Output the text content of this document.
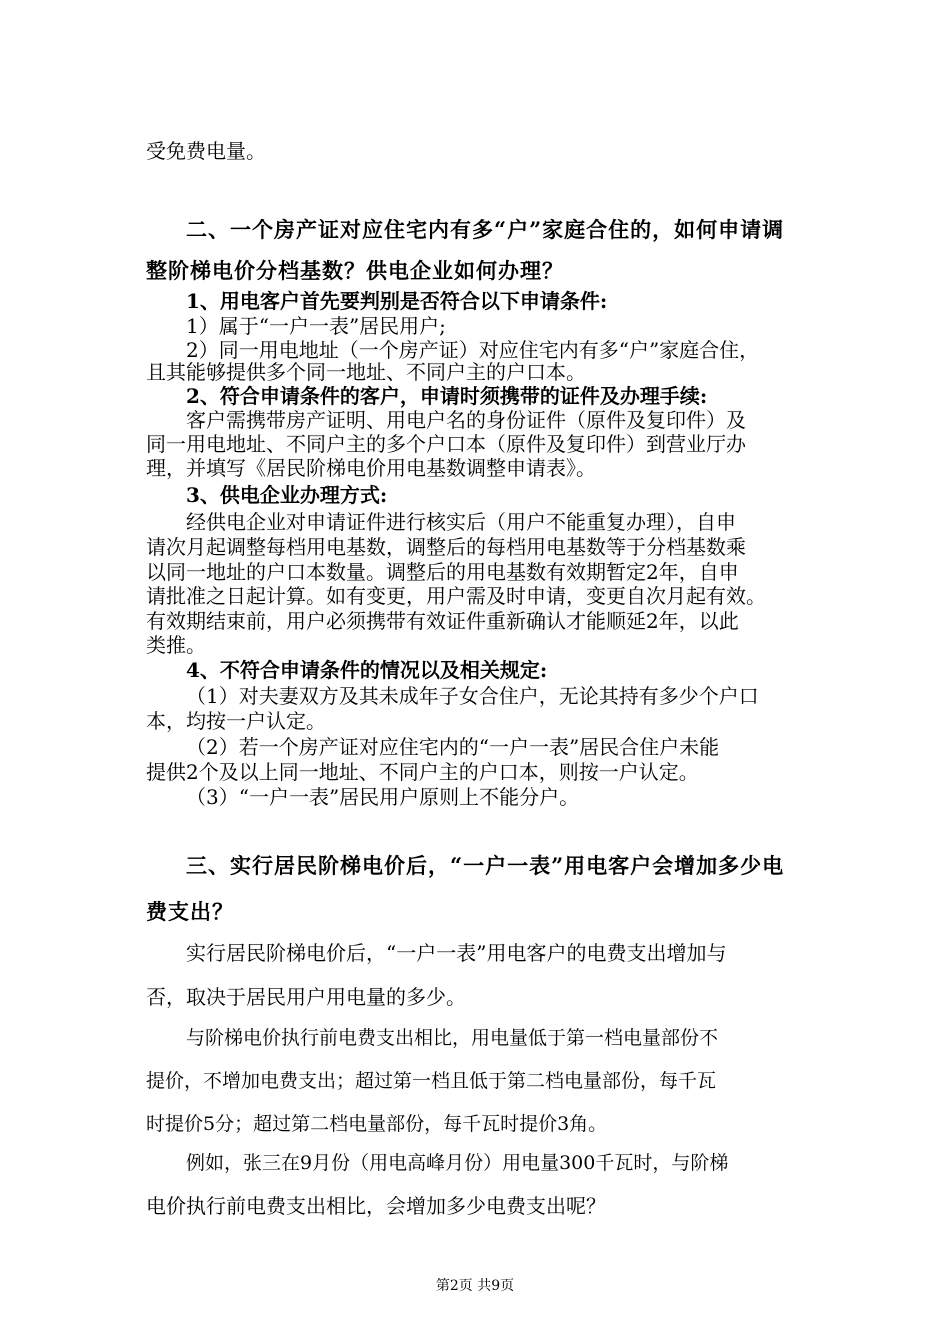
受免费电量。
二、一个房产证对应住宅内有多“户”家庭合住的，如何申请调
整阶梯电价分档基数？供电企业如何办理？
1、用电客户首先要判别是否符合以下申请条件:
1）属于“一户一表”居民用户;
2）同一用电地址（一个房产证）对应住宅内有多“户”家庭合住，
且其能够提供多个同一地址、不同户主的户口本。
2、符合申请条件的客户，申请时须携带的证件及办理手续:
客户需携带房产证明、用电户名的身份证件（原件及复印件）及
同一用电地址、不同户主的多个户口本（原件及复印件）到营业厅办
理，并填写《居民阶梯电价用电基数调整申请表》。
3、供电企业办理方式:
经供电企业对申请证件进行核实后（用户不能重复办理），自申
请次月起调整每档用电基数，调整后的每档用电基数等于分档基数乘
以同一地址的户口本数量。调整后的用电基数有效期暂定2年，自申
请批准之日起计算。如有变更，用户需及时申请，变更自次月起有效。
有效期结束前，用户必须携带有效证件重新确认才能顺延2年，以此
类推。
4、不符合申请条件的情况以及相关规定:
（1）对夫妻双方及其未成年子女合住户，无论其持有多少个户口
本，均按一户认定。
（2）若一个房产证对应住宅内的“一户一表”居民合住户未能
提供2个及以上同一地址、不同户主的户口本，则按一户认定。
（3）“一户一表”居民用户原则上不能分户。
三、实行居民阶梯电价后，“一户一表”用电客户会增加多少电
费支出？
实行居民阶梯电价后，“一户一表”用电客户的电费支出增加与
否，取决于居民用户用电量的多少。
与阶梯电价执行前电费支出相比，用电量低于第一档电量部份不
提价，不增加电费支出；超过第一档且低于第二档电量部份，每千瓦
时提价5分；超过第二档电量部份，每千瓦时提价3角。
例如，张三在9月份（用电高峰月份）用电量300千瓦时，与阶梯
电价执行前电费支出相比，会增加多少电费支出呢？
第2页 共9页
